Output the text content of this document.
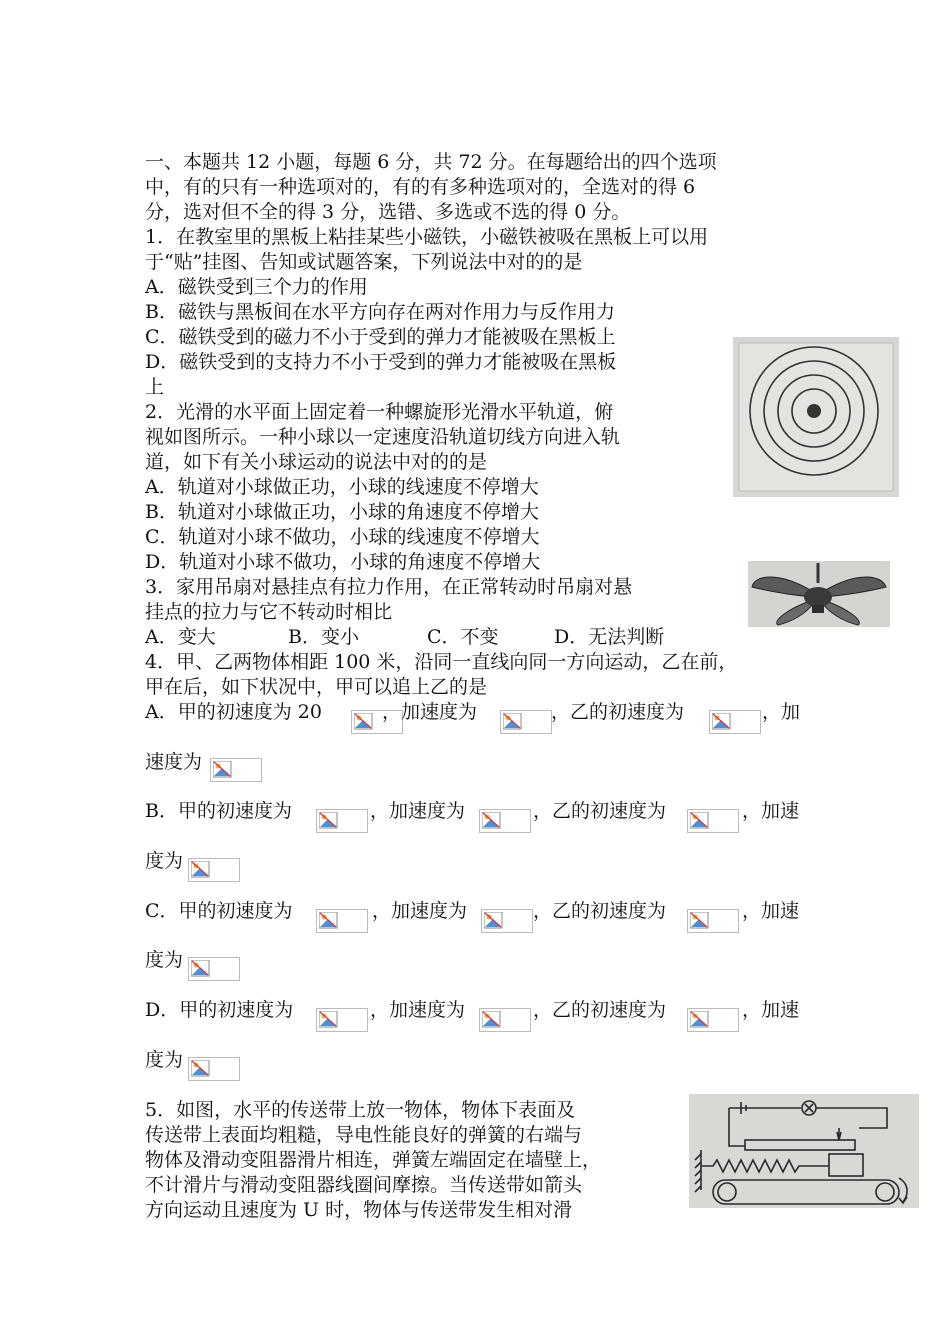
一、本题共 12 小题，每题 6 分，共 72 分。在每题给出的四个选项
中，有的只有一种选项对的，有的有多种选项对的，全选对的得 6
分，选对但不全的得 3 分，选错、多选或不选的得 0 分。
1．在教室里的黑板上粘挂某些小磁铁，小磁铁被吸在黑板上可以用
于“贴”挂图、告知或试题答案，下列说法中对的的是
A．磁铁受到三个力的作用
B．磁铁与黑板间在水平方向存在两对作用力与反作用力
C．磁铁受到的磁力不小于受到的弹力才能被吸在黑板上
D．磁铁受到的支持力不小于受到的弹力才能被吸在黑板
上
2．光滑的水平面上固定着一种螺旋形光滑水平轨道，俯
视如图所示。一种小球以一定速度沿轨道切线方向进入轨
道，如下有关小球运动的说法中对的的是
A．轨道对小球做正功，小球的线速度不停增大
B．轨道对小球做正功，小球的角速度不停增大
C．轨道对小球不做功，小球的线速度不停增大
D．轨道对小球不做功，小球的角速度不停增大
3．家用吊扇对悬挂点有拉力作用，在正常转动时吊扇对悬
挂点的拉力与它不转动时相比
A．变大	B．变小	C．不变	D．无法判断
4．甲、乙两物体相距 100 米，沿同一直线向同一方向运动，乙在前，
甲在后，如下状况中，甲可以追上乙的是
A．甲的初速度为 20	，加速度为	，乙的初速度为	，加
速度为
B．甲的初速度为	，加速度为	，乙的初速度为	，加速
度为
C．甲的初速度为	，加速度为	，乙的初速度为	，加速
度为
D．甲的初速度为	，加速度为	，乙的初速度为	，加速
度为
5．如图，水平的传送带上放一物体，物体下表面及
传送带上表面均粗糙，导电性能良好的弹簧的右端与
物体及滑动变阻器滑片相连，弹簧左端固定在墙壁上，
不计滑片与滑动变阻器线圈间摩擦。当传送带如箭头
方向运动且速度为 U 时，物体与传送带发生相对滑
